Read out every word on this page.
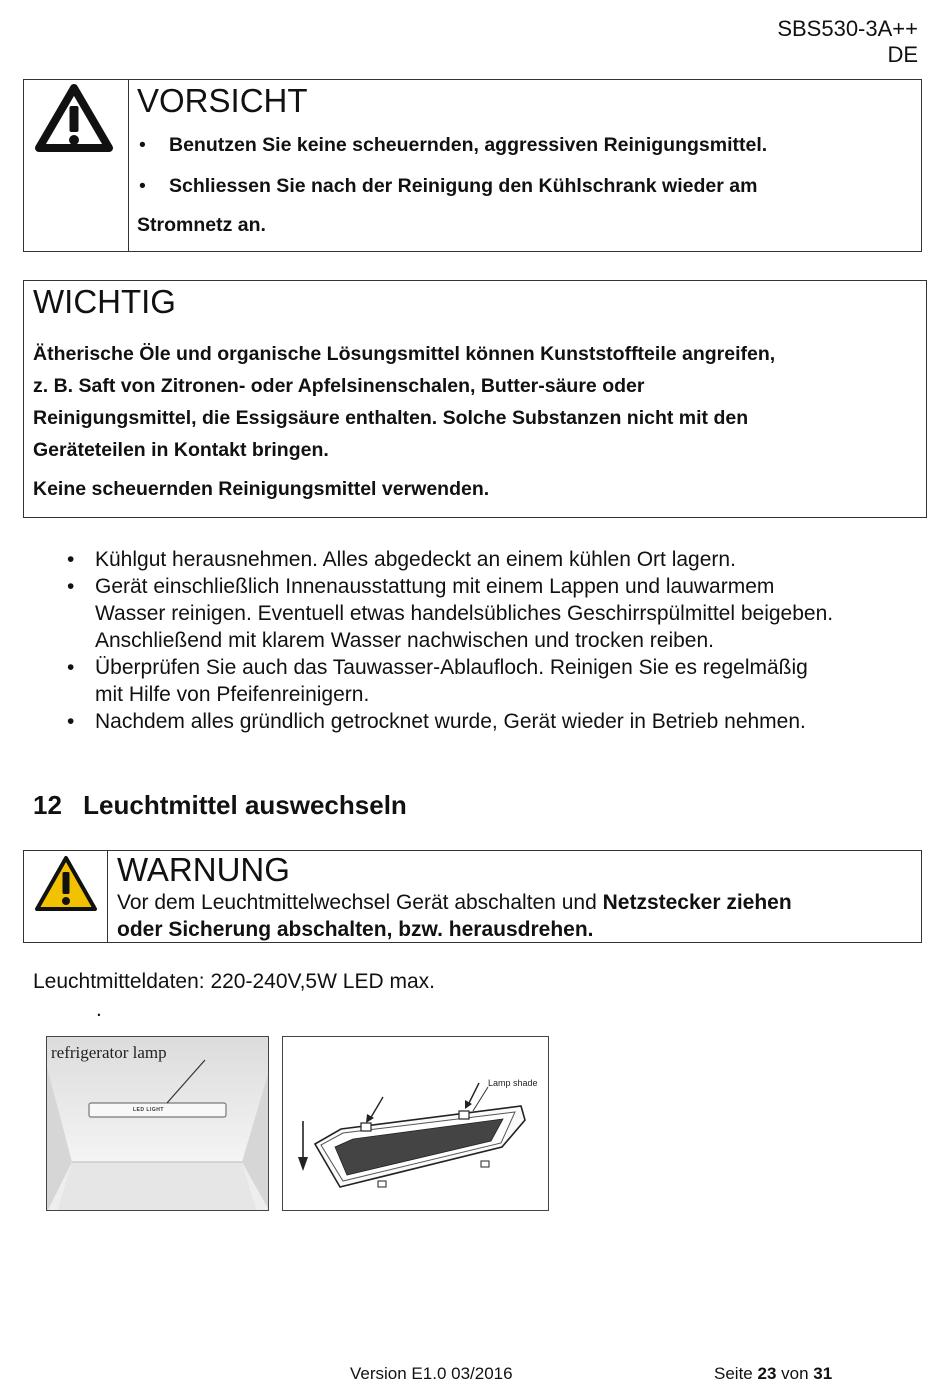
SBS530-3A++
DE
VORSICHT
• Benutzen Sie keine scheuernden, aggressiven Reinigungsmittel.
• Schliessen Sie nach der Reinigung den Kühlschrank wieder am
Stromnetz an.
WICHTIG
Ätherische Öle und organische Lösungsmittel können Kunststoffteile angreifen,
z. B. Saft von Zitronen- oder Apfelsinenschalen, Butter-säure oder
Reinigungsmittel, die Essigsäure enthalten. Solche Substanzen nicht mit den
Geräteteilen in Kontakt bringen.
Keine scheuernden Reinigungsmittel verwenden.
• Kühlgut herausnehmen. Alles abgedeckt an einem kühlen Ort lagern.
• Gerät einschließlich Innenausstattung mit einem Lappen und lauwarmem
Wasser reinigen. Eventuell etwas handelsübliches Geschirrspülmittel beigeben.
Anschließend mit klarem Wasser nachwischen und trocken reiben.
• Überprüfen Sie auch das Tauwasser-Ablaufloch. Reinigen Sie es regelmäßig
mit Hilfe von Pfeifenreinigern.
• Nachdem alles gründlich getrocknet wurde, Gerät wieder in Betrieb nehmen.
12 Leuchtmittel auswechseln
WARNUNG
Vor dem Leuchtmittelwechsel Gerät abschalten und Netzstecker ziehen
oder Sicherung abschalten, bzw. herausdrehen.
Leuchtmitteldaten: 220-240V,5W LED max.
.
refrigerator lamp
LED LIGHT
Lamp shade
Version E1.0 03/2016	Seite 23 von 31
